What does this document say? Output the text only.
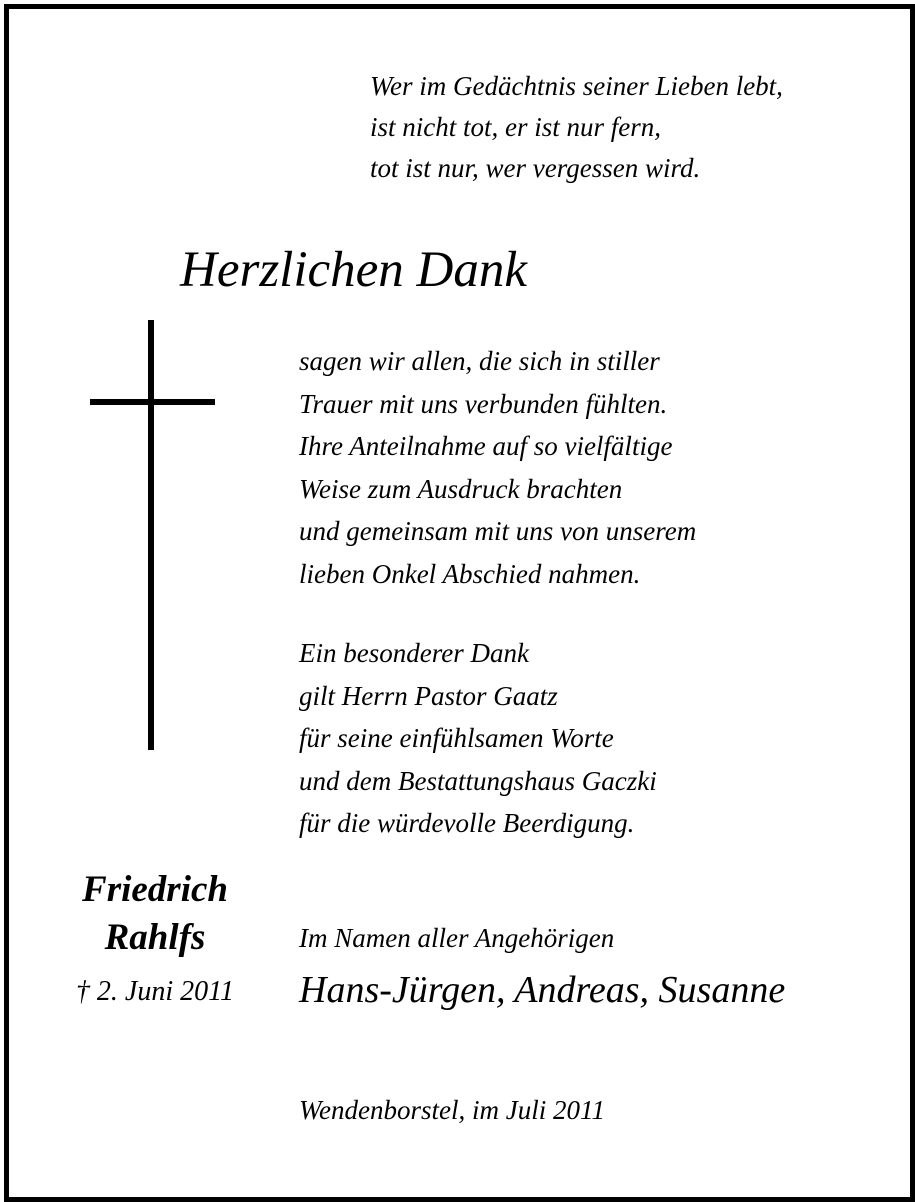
Wer im Gedächtnis seiner Lieben lebt,
ist nicht tot, er ist nur fern,
tot ist nur, wer vergessen wird.
Herzlichen Dank
sagen wir allen, die sich in stiller
Trauer mit uns verbunden fühlten.
Ihre Anteilnahme auf so vielfältige
Weise zum Ausdruck brachten
und gemeinsam mit uns von unserem
lieben Onkel Abschied nahmen.
Ein besonderer Dank
gilt Herrn Pastor Gaatz
für seine einfühlsamen Worte
und dem Bestattungshaus Gaczki
für die würdevolle Beerdigung.
Friedrich
Rahlfs
† 2. Juni 2011
Im Namen aller Angehörigen
Hans-Jürgen, Andreas, Susanne
Wendenborstel, im Juli 2011
